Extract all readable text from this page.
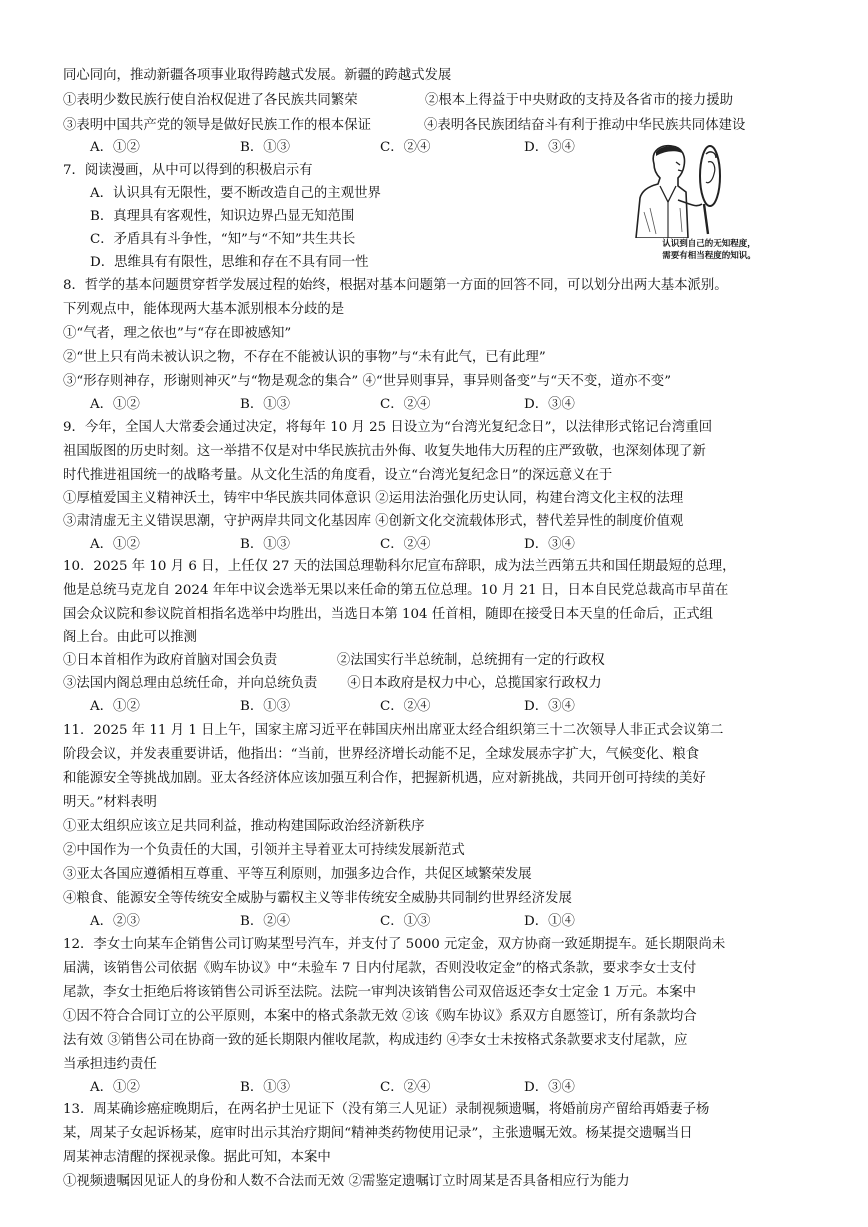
同心同向，推动新疆各项事业取得跨越式发展。新疆的跨越式发展
①表明少数民族行使自治权促进了各民族共同繁荣	②根本上得益于中央财政的支持及各省市的接力援助
③表明中国共产党的领导是做好民族工作的根本保证	④表明各民族团结奋斗有利于推动中华民族共同体建设
A．①②	B．①③	C．②④	D．③④
7．阅读漫画，从中可以得到的积极启示有
A．认识具有无限性，要不断改造自己的主观世界
B．真理具有客观性，知识边界凸显无知范围
C．矛盾具有斗争性，“知”与“不知”共生共长
D．思维具有有限性，思维和存在不具有同一性
认识到自己的无知程度，
需要有相当程度的知识。
8．哲学的基本问题贯穿哲学发展过程的始终，根据对基本问题第一方面的回答不同，可以划分出两大基本派别。
下列观点中，能体现两大基本派别根本分歧的是
①“气者，理之依也”与“存在即被感知”
②“世上只有尚未被认识之物，不存在不能被认识的事物”与“未有此气，已有此理”
③“形存则神存，形谢则神灭”与“物是观念的集合” ④“世异则事异，事异则备变”与“天不变，道亦不变”
A．①②	B．①③	C．②④	D．③④
9．今年，全国人大常委会通过决定，将每年 10 月 25 日设立为“台湾光复纪念日”，以法律形式铭记台湾重回
祖国版图的历史时刻。这一举措不仅是对中华民族抗击外侮、收复失地伟大历程的庄严致敬，也深刻体现了新
时代推进祖国统一的战略考量。从文化生活的角度看，设立“台湾光复纪念日”的深远意义在于
①厚植爱国主义精神沃土，铸牢中华民族共同体意识 ②运用法治强化历史认同，构建台湾文化主权的法理
③肃清虚无主义错误思潮，守护两岸共同文化基因库 ④创新文化交流载体形式，替代差异性的制度价值观
A．①②	B．①③	C．②④	D．③④
10．2025 年 10 月 6 日，上任仅 27 天的法国总理勒科尔尼宣布辞职，成为法兰西第五共和国任期最短的总理，
他是总统马克龙自 2024 年年中议会选举无果以来任命的第五位总理。10 月 21 日，日本自民党总裁高市早苗在
国会众议院和参议院首相指名选举中均胜出，当选日本第 104 任首相，随即在接受日本天皇的任命后，正式组
阁上台。由此可以推测
①日本首相作为政府首脑对国会负责              ②法国实行半总统制，总统拥有一定的行政权
③法国内阁总理由总统任命，并向总统负责       ④日本政府是权力中心，总揽国家行政权力
A．①②	B．①③	C．②④	D．③④
11．2025 年 11 月 1 日上午，国家主席习近平在韩国庆州出席亚太经合组织第三十二次领导人非正式会议第二
阶段会议，并发表重要讲话，他指出：“当前，世界经济增长动能不足，全球发展赤字扩大，气候变化、粮食
和能源安全等挑战加剧。亚太各经济体应该加强互利合作，把握新机遇，应对新挑战，共同开创可持续的美好
明天。”材料表明
①亚太组织应该立足共同利益，推动构建国际政治经济新秩序
②中国作为一个负责任的大国，引领并主导着亚太可持续发展新范式
③亚太各国应遵循相互尊重、平等互利原则，加强多边合作，共促区域繁荣发展
④粮食、能源安全等传统安全威胁与霸权主义等非传统安全威胁共同制约世界经济发展
A．②③	B．②④	C．①③	D．①④
12．李女士向某车企销售公司订购某型号汽车，并支付了 5000 元定金，双方协商一致延期提车。延长期限尚未
届满，该销售公司依据《购车协议》中“未验车 7 日内付尾款，否则没收定金”的格式条款，要求李女士支付
尾款，李女士拒绝后将该销售公司诉至法院。法院一审判决该销售公司双倍返还李女士定金 1 万元。本案中
①因不符合合同订立的公平原则，本案中的格式条款无效 ②该《购车协议》系双方自愿签订，所有条款均合
法有效 ③销售公司在协商一致的延长期限内催收尾款，构成违约 ④李女士未按格式条款要求支付尾款，应
当承担违约责任
A．①②	B．①③	C．②④	D．③④
13．周某确诊癌症晚期后，在两名护士见证下（没有第三人见证）录制视频遗嘱，将婚前房产留给再婚妻子杨
某，周某子女起诉杨某，庭审时出示其治疗期间“精神类药物使用记录”，主张遗嘱无效。杨某提交遗嘱当日
周某神志清醒的探视录像。据此可知，本案中
①视频遗嘱因见证人的身份和人数不合法而无效 ②需鉴定遗嘱订立时周某是否具备相应行为能力
